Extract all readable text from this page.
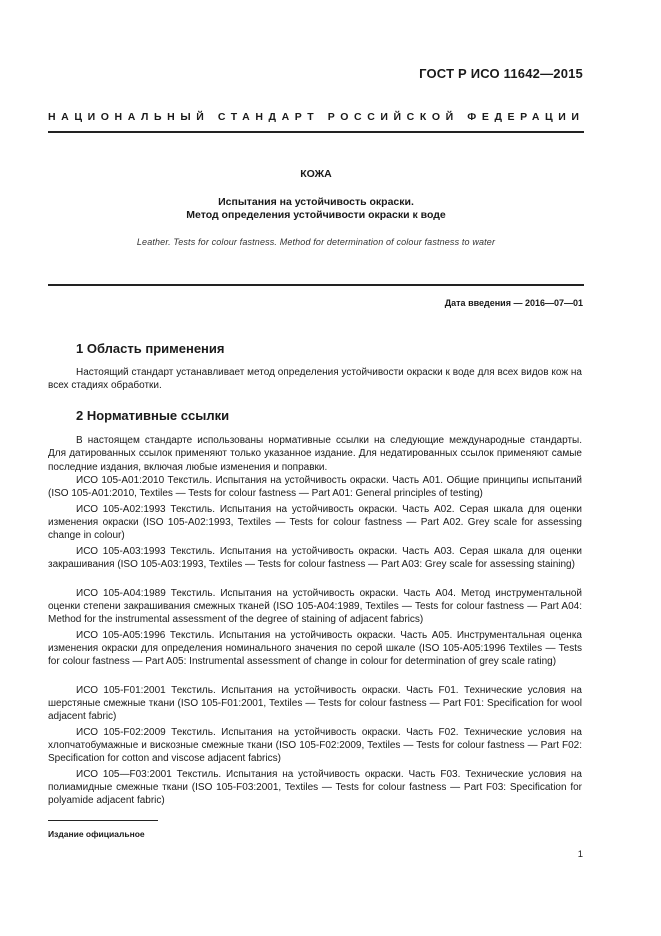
ГОСТ Р ИСО 11642—2015
НАЦИОНАЛЬНЫЙ СТАНДАРТ РОССИЙСКОЙ ФЕДЕРАЦИИ
КОЖА
Испытания на устойчивость окраски.
Метод определения устойчивости окраски к воде
Leather. Tests for colour fastness. Method for determination of colour fastness to water
Дата введения — 2016—07—01
1 Область применения
Настоящий стандарт устанавливает метод определения устойчивости окраски к воде для всех видов кож на всех стадиях обработки.
2 Нормативные ссылки
В настоящем стандарте использованы нормативные ссылки на следующие международные стандарты. Для датированных ссылок применяют только указанное издание. Для недатированных ссылок применяют самые последние издания, включая любые изменения и поправки.
ИСО 105-А01:2010 Текстиль. Испытания на устойчивость окраски. Часть А01. Общие принципы испытаний (ISO 105-A01:2010, Textiles — Tests for colour fastness — Part A01: General principles of testing)
ИСО 105-А02:1993 Текстиль. Испытания на устойчивость окраски. Часть А02. Серая шкала для оценки изменения окраски (ISO 105-A02:1993, Textiles — Tests for colour fastness — Part A02. Grey scale for assessing change in colour)
ИСО 105-А03:1993 Текстиль. Испытания на устойчивость окраски. Часть А03. Серая шкала для оценки закрашивания (ISO 105-A03:1993, Textiles — Tests for colour fastness — Part A03: Grey scale for assessing staining)
ИСО 105-А04:1989 Текстиль. Испытания на устойчивость окраски. Часть А04. Метод инструментальной оценки степени закрашивания смежных тканей (ISO 105-A04:1989, Textiles — Tests for colour fastness — Part A04: Method for the instrumental assessment of the degree of staining of adjacent fabrics)
ИСО 105-А05:1996 Текстиль. Испытания на устойчивость окраски. Часть А05. Инструментальная оценка изменения окраски для определения номинального значения по серой шкале (ISO 105-A05:1996 Textiles — Tests for colour fastness — Part A05: Instrumental assessment of change in colour for determination of grey scale rating)
ИСО 105-F01:2001 Текстиль. Испытания на устойчивость окраски. Часть F01. Технические условия на шерстяные смежные ткани (ISO 105-F01:2001, Textiles — Tests for colour fastness — Part F01: Specification for wool adjacent fabric)
ИСО 105-F02:2009 Текстиль. Испытания на устойчивость окраски. Часть F02. Технические условия на хлопчатобумажные и вискозные смежные ткани (ISO 105-F02:2009, Textiles — Tests for colour fastness — Part F02: Specification for cotton and viscose adjacent fabrics)
ИСО 105—F03:2001 Текстиль. Испытания на устойчивость окраски. Часть F03. Технические условия на полиамидные смежные ткани (ISO 105-F03:2001, Textiles — Tests for colour fastness — Part F03: Specification for polyamide adjacent fabric)
Издание официальное
1
